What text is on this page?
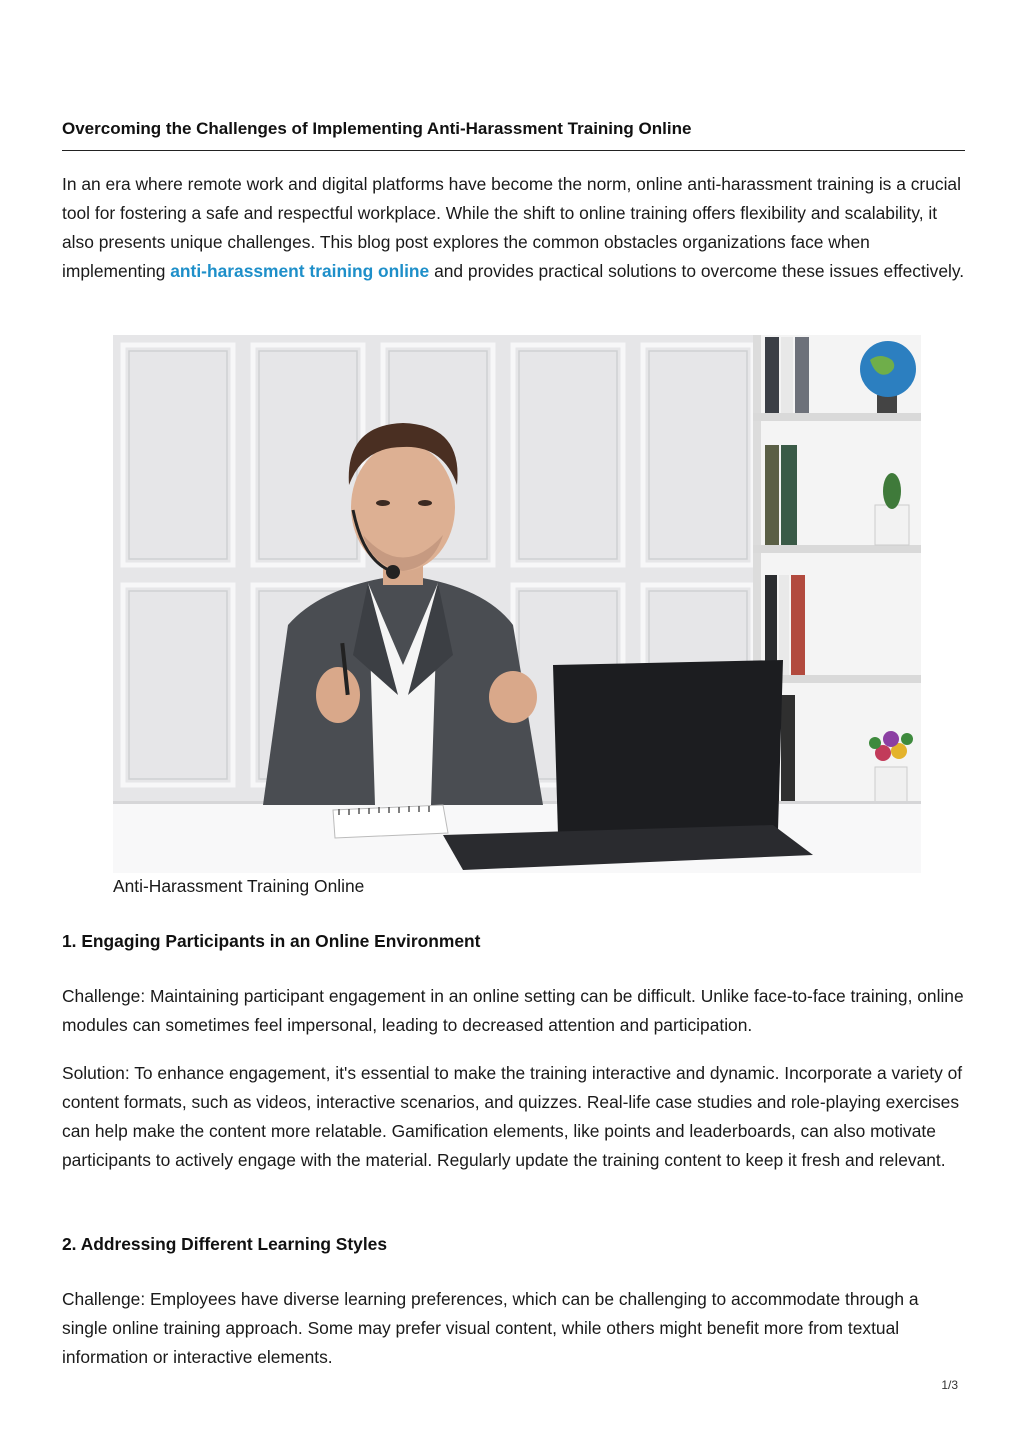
Overcoming the Challenges of Implementing Anti-Harassment Training Online

In an era where remote work and digital platforms have become the norm, online anti-harassment training is a crucial tool for fostering a safe and respectful workplace. While the shift to online training offers flexibility and scalability, it also presents unique challenges. This blog post explores the common obstacles organizations face when implementing anti-harassment training online and provides practical solutions to overcome these issues effectively.

Anti-Harassment Training Online

1. Engaging Participants in an Online Environment

Challenge: Maintaining participant engagement in an online setting can be difficult. Unlike face-to-face training, online modules can sometimes feel impersonal, leading to decreased attention and participation.

Solution: To enhance engagement, it's essential to make the training interactive and dynamic. Incorporate a variety of content formats, such as videos, interactive scenarios, and quizzes. Real-life case studies and role-playing exercises can help make the content more relatable. Gamification elements, like points and leaderboards, can also motivate participants to actively engage with the material. Regularly update the training content to keep it fresh and relevant.

2. Addressing Different Learning Styles

Challenge: Employees have diverse learning preferences, which can be challenging to accommodate through a single online training approach. Some may prefer visual content, while others might benefit more from textual information or interactive elements.

1/3
